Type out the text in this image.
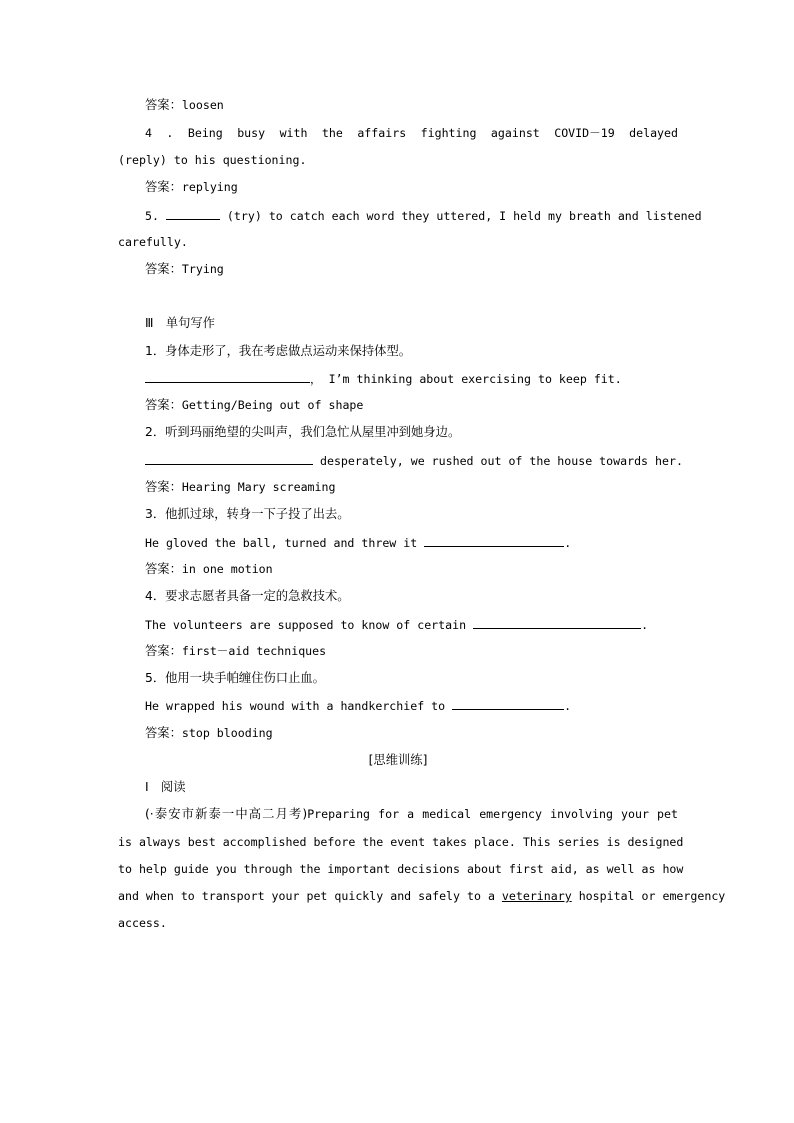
答案：loosen

4 . Being busy with the affairs fighting against COVID－19 delayed

(reply) to his questioning.

答案：replying

5.	(try) to catch each word they uttered, I held my breath and listened

carefully.

答案：Trying

Ⅲ　单句写作

1．身体走形了，我在考虑做点运动来保持体型。

， I’m thinking about exercising to keep fit.

答案：Getting/Being out of shape

2．听到玛丽绝望的尖叫声，我们急忙从屋里冲到她身边。

desperately, we rushed out of the house towards her.

答案：Hearing Mary screaming

3．他抓过球，转身一下子投了出去。

He gloved the ball, turned and threw it	.

答案：in one motion

4．要求志愿者具备一定的急救技术。

The volunteers are supposed to know of certain	.

答案：first－aid techniques

5．他用一块手帕缠住伤口止血。

He wrapped his wound with a handkerchief to	.

答案：stop blooding

[思维训练]

Ⅰ　阅读

(·泰安市新泰一中高二月考)Preparing for a medical emergency involving your pet

is always best accomplished before the event takes place. This series is designed

to help guide you through the important decisions about first aid, as well as how

and when to transport your pet quickly and safely to a veterinary hospital or emergency

access.
